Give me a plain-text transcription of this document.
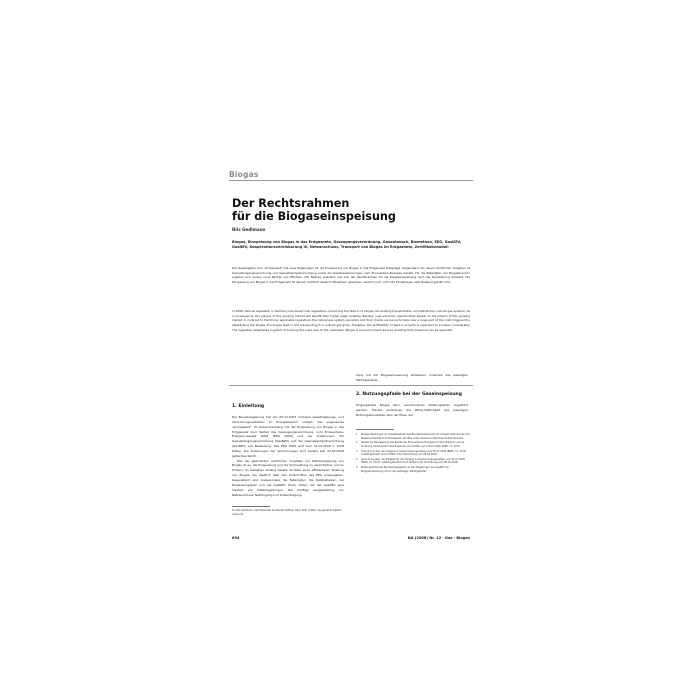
Biogas
Der Rechtsrahmen
für die Biogaseinspeisung
Nils Gedlmann
Biogas, Einspeisung von Biogas in das Erdgasnetz, Gaszugangsverordnung, Gasabtausch, Biomethan, EEG, GasNZV, GasNEV, Kooperationsvereinbarung III, Netzanschluss, Transport von Biogas im Erdgasnetz, Zertifikatsmodell
Der Gesetzgeber zum „Klimapaket“ hat neue Regelungen für die Einspeisung von Biogas in das Erdgasnetz festgelegt. Gegenstand der neuen rechtlichen Vorgaben ist Gasnetzzugangsverordnung und Gasnetzentgeltverordnung sowie die Gesetzesänderungen zum Erneuerbare-Energien-Gesetz. Für die Beteiligten der Biogasbranche ergeben sich daraus neue Rechte und Pflichten. Der Beitrag erläutert, wie sich der Rechtsrahmen für die Biogaseinspeisung nach der Novellierung darstellt. Die Einspeisung von Biogas in das Erdgasnetz ist danach rechtlich deutlich attraktiver geworden, obwohl noch nicht alle Einzelfragen abschließend geklärt sind.
In 2008 national legislation in Germany has issued new regulations concerning the feed-in of biogas into existing transportation and distribution natural gas systems. As a consequence, the players of this growing market will benefit from higher legal certainty. Besides, new economic opportunities appear to the players of this growing market. In contrast to the former applicable regulations the natural gas system operators and their clients are bound to take over a large part of the costs triggered by establishing the biogas, the biogas feed-in and transporting it in natural gas grids. Therefore, the profitability of feed-in projects is supposed to increase considerably. The regulation establishes a system of tracking the costs over to the customers. Biogas is an environment issue by avoiding CO2 emissions can be expected.
1. Einleitung

Die Bundesregierung hat am 05.12.2007 mehrere Gesetzgebungs- und Verordnungsverfahren im Energiebereich initiiert, das sogenannte „Klimapaket“. Im Zusammenhang mit der Einspeisung von Biogas in das Erdgasnetz sind hierbei das Gaszugangsverordnung, vom Erneuerbare-Energien-Gesetz 2009 (EEG 2009) und die Änderungen der Gasnetzzugangsverordnung (GasNZV) und der Gasnetzentgeltverordnung (GasNEV) von Bedeutung. Das EEG 2009 wird zum 01.01.2009 in Kraft treten. Die Änderungen der Verordnungen sind bereits seit 09.04.2008 geltendes Recht.

Ziel der geänderten rechtlichen Vorgaben zur Netzeinspeisung von Biogas ist es, die Einspeisung und die Vermarktung zu vereinfachen und zu fördern. So bestehen bislang bereits Ansätze einer effizienteren Nutzung von Biogas, die deutlich über den Vorschriften des EEG hinausgehen. Gegenstand sind insbesondere die Beteiligten, die Netzbetreiber, der Biogaseinspeiser und die GasNZV. Hinzu treten mit der GasNEV eine Vielzahl von Detailregelungen. Die künftige Ausgestaltung von Netzanschluss, Netzzugang und Kostentragung.

Dr. Nils Gedlmann, Rechtsanwalt bei Becker Büttner Held, Köln. E-Mail: nils.gedlmann@bbh-online.de

hang mit der Biogaseinspeisung entstehen, innerhalb des jeweiligen Marktgebietes.

2. Nutzungspfade bei der Gaseinspeisung

Eingespeistes Biogas kann verschiedenen Nutzungsarten zugeführt werden. Hierbei erscheinen die Wirtschaftlichkeit des jeweiligen Nutzungskonzeptes, also der Preis, der

1	Pressemitteilungen und Gesetzestexte des Bundesministeriums für Umwelt, Naturschutz und Reaktorsicherheit zum Klimapaket, abrufbar unter www.bmu.de/klimaschutz/downloads.
2	Gesetz zur Neuregelung des Rechts der Erneuerbaren Energien im Strombereich und zur Änderung damit zusammenhängender Vorschriften vom 25.10.2008, BGBl. I S. 2074.
3	Verordnung über den Zugang zu Gasversorgungsnetzen vom 25.07.2005 (BGBl. I S. 2210), zuletzt geändert durch Artikel 3 der Verordnung vom 08.04.2008.
4	Verordnung über die Entgelte für den Zugang zu Gasversorgungsnetzen vom 25.07.2005 (BGBl. I S. 2197), zuletzt geändert durch Artikel 2 der Verordnung vom 08.04.2008.
5	Stellungnahme der Bundesnetzagentur zu den Regelungen der GasNZV zur Biogaseinspeisung und zu den jeweiligen Marktgebieten.
694	NA (2008) Nr. 12 · Gas · Biogas
